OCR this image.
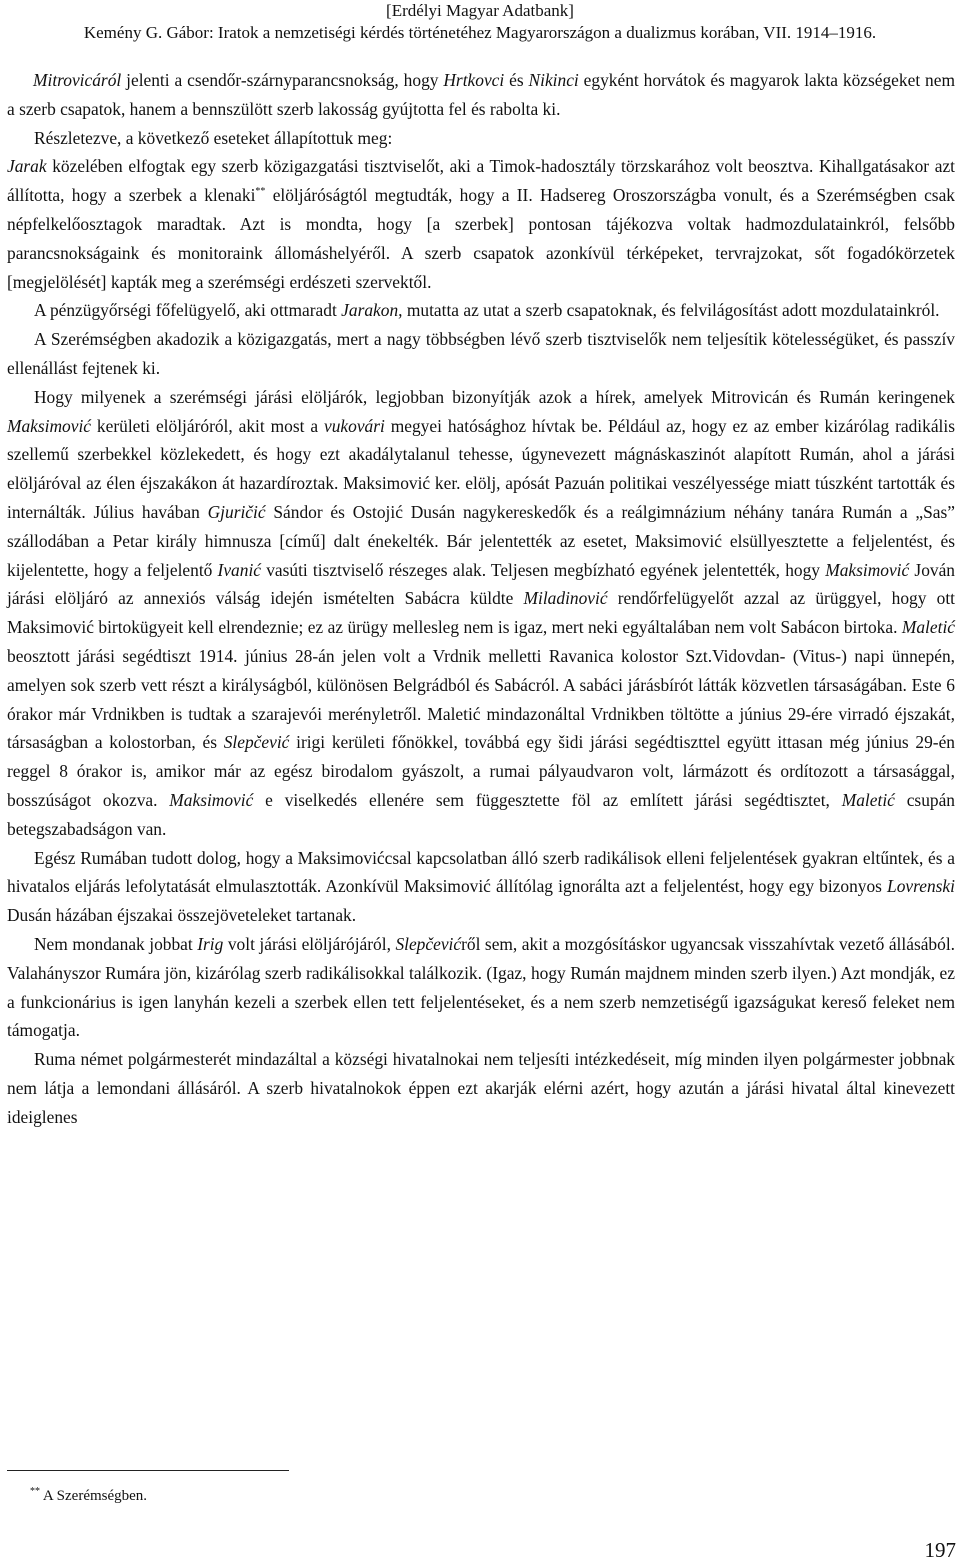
[Erdélyi Magyar Adatbank]
Kemény G. Gábor: Iratok a nemzetiségi kérdés történetéhez Magyarországon a dualizmus korában, VII. 1914–1916.

Mitrovicáról jelenti a csendőr-szárnyparancsnokság, hogy Hrtkovci és Nikinci egyként horvátok és magyarok lakta községeket nem a szerb csapatok, hanem a bennszülött szerb lakosság gyújtotta fel és rabolta ki.

Részletezve, a következő eseteket állapítottuk meg:

Jarak közelében elfogtak egy szerb közigazgatási tisztviselőt, aki a Timok-hadosztály törzskarához volt beosztva. Kihallgatásakor azt állította, hogy a szerbek a klenaki** elöljáróságtól megtudták, hogy a II. Hadsereg Oroszországba vonult, és a Szerémségben csak népfelkelőosztagok maradtak. Azt is mondta, hogy [a szerbek] pontosan tájékozva voltak hadmozdulatainkról, felsőbb parancsnokságaink és monitoraink állomáshelyéről. A szerb csapatok azonkívül térképeket, tervrajzokat, sőt fogadókörzetek [megjelölését] kapták meg a szerémségi erdészeti szervektől.

A pénzügyőrségi főfelügyelő, aki ottmaradt Jarakon, mutatta az utat a szerb csapatoknak, és felvilágosítást adott mozdulatainkról.

A Szerémségben akadozik a közigazgatás, mert a nagy többségben lévő szerb tisztviselők nem teljesítik kötelességüket, és passzív ellenállást fejtenek ki.

Hogy milyenek a szerémségi járási elöljárók, legjobban bizonyítják azok a hírek, amelyek Mitrovicán és Rumán keringenek Maksimović kerületi elöljáróról, akit most a vukovári megyei hatósághoz hívtak be. Például az, hogy ez az ember kizárólag radikális szellemű szerbekkel közlekedett, és hogy ezt akadálytalanul tehesse, úgynevezett mágnáskaszinót alapított Rumán, ahol a járási elöljáróval az élen éjszakákon át hazardíroztak. Maksimović ker. elölj, apósát Pazuán politikai veszélyessége miatt túszként tartották és internálták. Július havában Gjuričić Sándor és Ostojić Dusán nagykereskedők és a reálgimnázium néhány tanára Rumán a „Sas” szállodában a Petar király himnusza [című] dalt énekelték. Bár jelentették az esetet, Maksimović elsüllyesztette a feljelentést, és kijelentette, hogy a feljelentő Ivanić vasúti tisztviselő részeges alak. Teljesen megbízható egyének jelentették, hogy Maksimović Jován járási elöljáró az annexiós válság idején ismételten Sabácra küldte Miladinović rendőrfelügyelőt azzal az ürüggyel, hogy ott Maksimović birtokügyeit kell elrendeznie; ez az ürügy mellesleg nem is igaz, mert neki egyáltalában nem volt Sabácon birtoka. Maletić beosztott járási segédtiszt 1914. június 28-án jelen volt a Vrdnik melletti Ravanica kolostor Szt.Vidovdan- (Vitus-) napi ünnepén, amelyen sok szerb vett részt a királyságból, különösen Belgrádból és Sabácról. A sabáci járásbírót látták közvetlen társaságában. Este 6 órakor már Vrdnikben is tudtak a szarajevói merényletről. Maletić mindazonáltal Vrdnikben töltötte a június 29-ére virradó éjszakát, társaságban a kolostorban, és Slepčević irigi kerületi főnökkel, továbbá egy šidi járási segédtiszttel együtt ittasan még június 29-én reggel 8 órakor is, amikor már az egész birodalom gyászolt, a rumai pályaudvaron volt, lármázott és ordítozott a társasággal, bosszúságot okozva. Maksimović e viselkedés ellenére sem függesztette föl az említett járási segédtisztet, Maletić csupán betegszabadságon van.

Egész Rumában tudott dolog, hogy a Maksimovićcsal kapcsolatban álló szerb radikálisok elleni feljelentések gyakran eltűntek, és a hivatalos eljárás lefolytatását elmulasztották. Azonkívül Maksimović állítólag ignorálta azt a feljelentést, hogy egy bizonyos Lovrenski Dusán házában éjszakai összejöveteleket tartanak.

Nem mondanak jobbat Irig volt járási elöljárójáról, Slepčevićről sem, akit a mozgósításkor ugyancsak visszahívtak vezető állásából. Valahányszor Rumára jön, kizárólag szerb radikálisokkal találkozik. (Igaz, hogy Rumán majdnem minden szerb ilyen.) Azt mondják, ez a funkcionárius is igen lanyhán kezeli a szerbek ellen tett feljelentéseket, és a nem szerb nemzetiségű igazságukat kereső feleket nem támogatja.

Ruma német polgármesterét mindazáltal a községi hivatalnokai nem teljesíti intézkedéseit, míg minden ilyen polgármester jobbnak nem látja a lemondani állásáról. A szerb hivatalnokok éppen ezt akarják elérni azért, hogy azután a járási hivatal által kinevezett ideiglenes

** A Szerémségben.
197
